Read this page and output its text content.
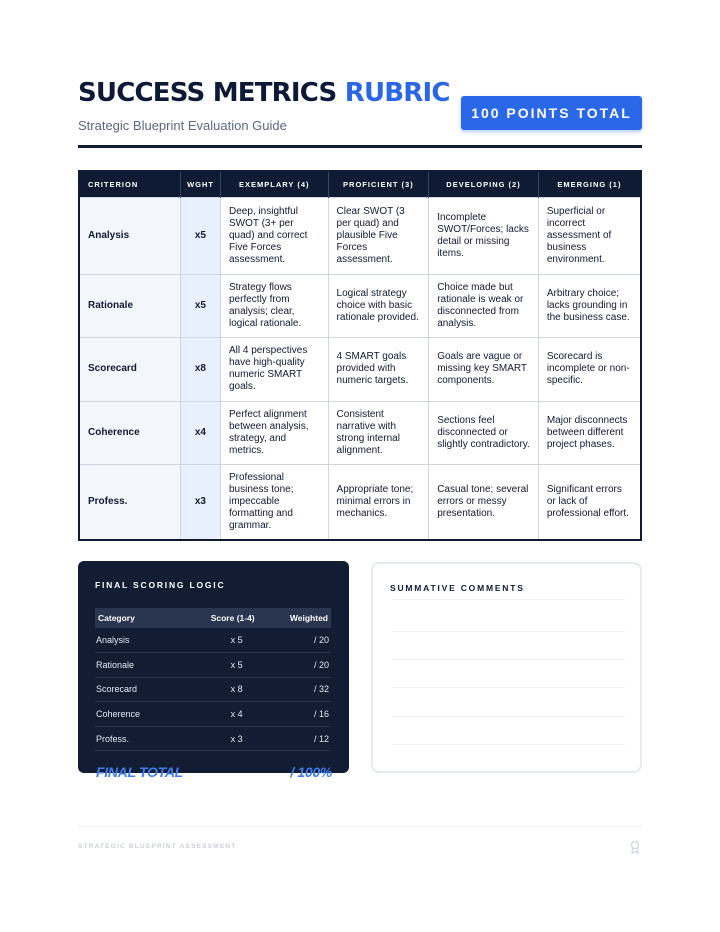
SUCCESS METRICS RUBRIC
Strategic Blueprint Evaluation Guide
100 POINTS TOTAL
CRITERION	WGHT	EXEMPLARY (4)	PROFICIENT (3)	DEVELOPING (2)	EMERGING (1)
Analysis	x5	Deep, insightful SWOT (3+ per quad) and correct Five Forces assessment.	Clear SWOT (3 per quad) and plausible Five Forces assessment.	Incomplete SWOT/Forces; lacks detail or missing items.	Superficial or incorrect assessment of business environment.
Rationale	x5	Strategy flows perfectly from analysis; clear, logical rationale.	Logical strategy choice with basic rationale provided.	Choice made but rationale is weak or disconnected from analysis.	Arbitrary choice; lacks grounding in the business case.
Scorecard	x8	All 4 perspectives have high-quality numeric SMART goals.	4 SMART goals provided with numeric targets.	Goals are vague or missing key SMART components.	Scorecard is incomplete or non-specific.
Coherence	x4	Perfect alignment between analysis, strategy, and metrics.	Consistent narrative with strong internal alignment.	Sections feel disconnected or slightly contradictory.	Major disconnects between different project phases.
Profess.	x3	Professional business tone; impeccable formatting and grammar.	Appropriate tone; minimal errors in mechanics.	Casual tone; several errors or messy presentation.	Significant errors or lack of professional effort.
FINAL SCORING LOGIC
Category	Score (1-4)	Weighted
Analysis	x 5	/ 20
Rationale	x 5	/ 20
Scorecard	x 8	/ 32
Coherence	x 4	/ 16
Profess.	x 3	/ 12
FINAL TOTAL	/ 100%
SUMMATIVE COMMENTS
STRATEGIC BLUEPRINT ASSESSMENT
